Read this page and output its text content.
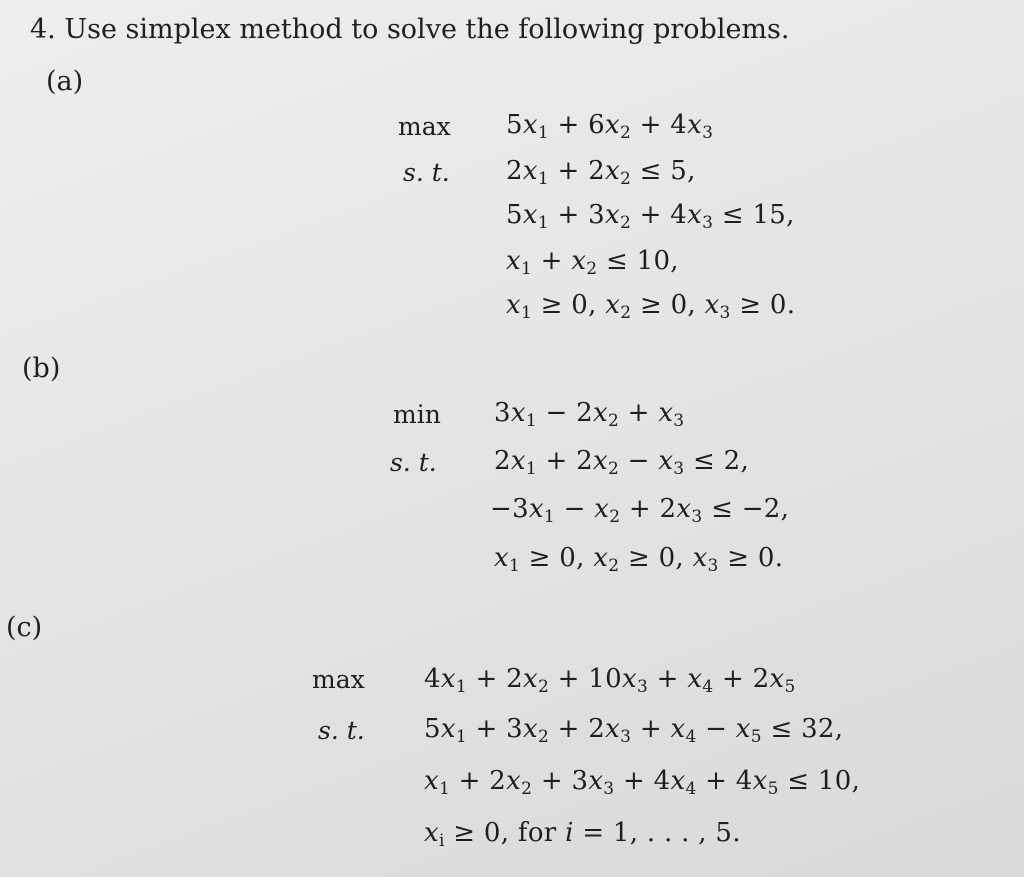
4. Use simplex method to solve the following problems.
(a)
max
s. t.
$5x_1 + 6x_2 + 4x_3$
$2x_1 + 2x_2 \le 5$,
$5x_1 + 3x_2 + 4x_3 \le 15$,
$x_1 + x_2 \le 10$,
$x_1 \ge 0$, $x_2 \ge 0$, $x_3 \ge 0$.
(b)
min
s. t.
$3x_1 - 2x_2 + x_3$
$2x_1 + 2x_2 - x_3 \le 2$,
$-3x_1 - x_2 + 2x_3 \le -2$,
$x_1 \ge 0$, $x_2 \ge 0$, $x_3 \ge 0$.
(c)
max
s. t.
$4x_1 + 2x_2 + 10x_3 + x_4 + 2x_5$
$5x_1 + 3x_2 + 2x_3 + x_4 - x_5 \le 32$,
$x_1 + 2x_2 + 3x_3 + 4x_4 + 4x_5 \le 10$,
$x_i \ge 0$, for i = 1, . . . , 5.
